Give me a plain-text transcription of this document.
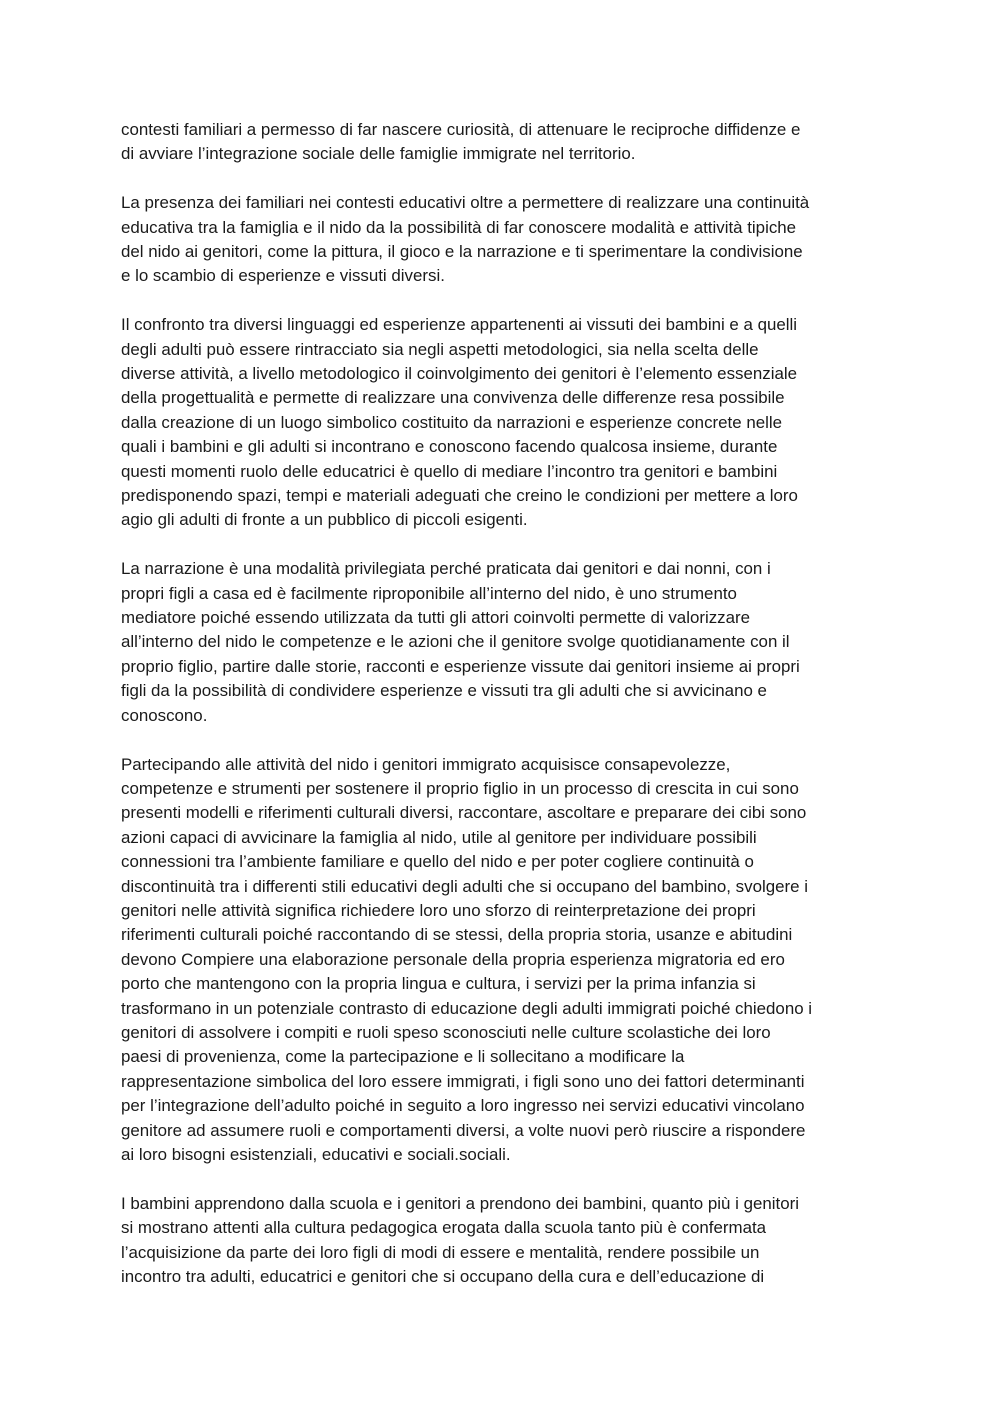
contesti familiari a permesso di far nascere curiosità, di attenuare le reciproche diffidenze e
di avviare l’integrazione sociale delle famiglie immigrate nel territorio.
La presenza dei familiari nei contesti educativi oltre a permettere di realizzare una continuità
educativa tra la famiglia e il nido da la possibilità di far conoscere modalità e attività tipiche
del nido ai genitori, come la pittura, il gioco e la narrazione e ti sperimentare la condivisione
e lo scambio di esperienze e vissuti diversi.
Il confronto tra diversi linguaggi ed esperienze appartenenti ai vissuti dei bambini e a quelli
degli adulti può essere rintracciato sia negli aspetti metodologici, sia nella scelta delle
diverse attività, a livello metodologico il coinvolgimento dei genitori è l’elemento essenziale
della progettualità e permette di realizzare una convivenza delle differenze resa possibile
dalla creazione di un luogo simbolico costituito da narrazioni e esperienze concrete nelle
quali i bambini e gli adulti si incontrano e conoscono facendo qualcosa insieme, durante
questi momenti ruolo delle educatrici è quello di mediare l’incontro tra genitori e bambini
predisponendo spazi, tempi e materiali adeguati che creino le condizioni per mettere a loro
agio gli adulti di fronte a un pubblico di piccoli esigenti.
La narrazione è una modalità privilegiata perché praticata dai genitori e dai nonni, con i
propri figli a casa ed è facilmente riproponibile all’interno del nido, è uno strumento
mediatore poiché essendo utilizzata da tutti gli attori coinvolti permette di valorizzare
all’interno del nido le competenze e le azioni che il genitore svolge quotidianamente con il
proprio figlio, partire dalle storie, racconti e esperienze vissute dai genitori insieme ai propri
figli da la possibilità di condividere esperienze e vissuti tra gli adulti che si avvicinano e
conoscono.
Partecipando alle attività del nido i genitori immigrato acquisisce consapevolezze,
competenze e strumenti per sostenere il proprio figlio in un processo di crescita in cui sono
presenti modelli e riferimenti culturali diversi, raccontare, ascoltare e preparare dei cibi sono
azioni capaci di avvicinare la famiglia al nido, utile al genitore per individuare possibili
connessioni tra l’ambiente familiare e quello del nido e per poter cogliere continuità o
discontinuità tra i differenti stili educativi degli adulti che si occupano del bambino, svolgere i
genitori nelle attività significa richiedere loro uno sforzo di reinterpretazione dei propri
riferimenti culturali poiché raccontando di se stessi, della propria storia, usanze e abitudini
devono Compiere una elaborazione personale della propria esperienza migratoria ed ero
porto che mantengono con la propria lingua e cultura, i servizi per la prima infanzia si
trasformano in un potenziale contrasto di educazione degli adulti immigrati poiché chiedono i
genitori di assolvere i compiti e ruoli speso sconosciuti nelle culture scolastiche dei loro
paesi di provenienza, come la partecipazione e li sollecitano a modificare la
rappresentazione simbolica del loro essere immigrati, i figli sono uno dei fattori determinanti
per l’integrazione dell’adulto poiché in seguito a loro ingresso nei servizi educativi vincolano
genitore ad assumere ruoli e comportamenti diversi, a volte nuovi però riuscire a rispondere
ai loro bisogni esistenziali, educativi e sociali.sociali.
I bambini apprendono dalla scuola e i genitori a prendono dei bambini, quanto più i genitori
si mostrano attenti alla cultura pedagogica erogata dalla scuola tanto più è confermata
l’acquisizione da parte dei loro figli di modi di essere e mentalità, rendere possibile un
incontro tra adulti, educatrici e genitori che si occupano della cura e dell’educazione di
